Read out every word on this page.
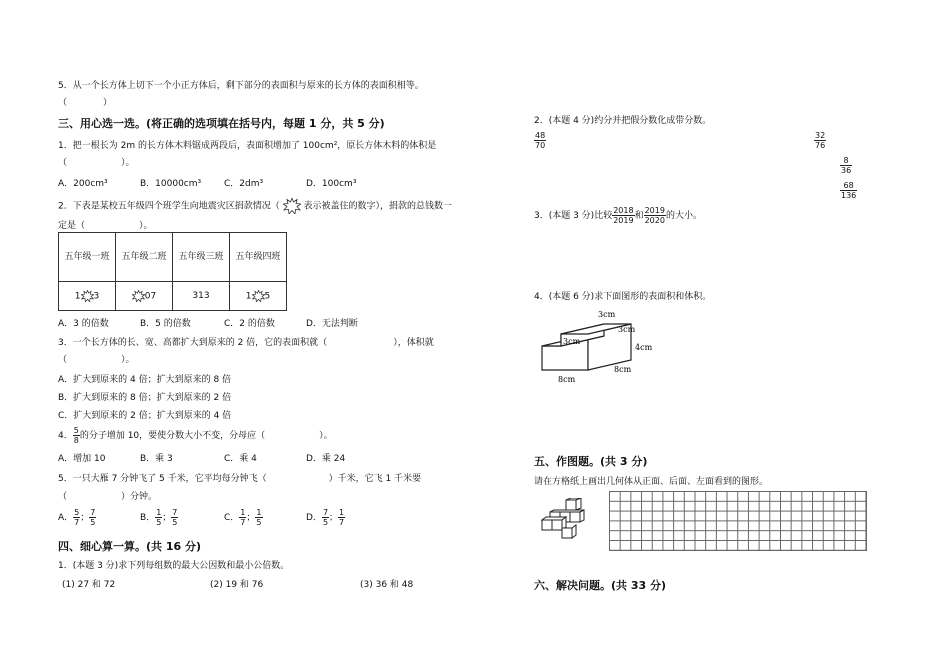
5．从一个长方体上切下一个小正方体后，剩下部分的表面积与原来的长方体的表面积相等。
（　　　　）
三、用心选一选。(将正确的选项填在括号内，每题 1 分，共 5 分)
1．把一根长为 2m 的长方体木料锯成两段后，表面积增加了 100cm²，原长方体木料的体积是
（　　　　　　）。
A．200cm³	B．10000cm³	C．2dm³	D．100cm³
2．下表是某校五年级四个班学生向地震灾区捐款情况（	表示被盖住的数字），捐款的总钱数一
定是（　　　　　　）。
五年级一班	五年级二班	五年级三班	五年级四班
1 3	07	313	1 5
A．3 的倍数	B．5 的倍数	C．2 的倍数	D．无法判断
3．一个长方体的长、宽、高都扩大到原来的 2 倍，它的表面积就（	），体积就
（　　　　　　）。
A．扩大到原来的 4 倍；扩大到原来的 8 倍
B．扩大到原来的 8 倍；扩大到原来的 2 倍
C．扩大到原来的 2 倍；扩大到原来的 4 倍
4． $\frac{5}{8}$ 的分子增加 10，要使分数大小不变，分母应（　　　　　　）。
A．增加 10	B．乘 3	C．乘 4	D．乘 24
5．一只大雁 7 分钟飞了 5 千米，它平均每分钟飞（	）千米，它飞 1 千米要
（　　　　　　）分钟。
A． $\frac{5}{7}$ ； $\frac{7}{5}$	B． $\frac{1}{5}$ ； $\frac{7}{5}$	C． $\frac{1}{7}$ ； $\frac{1}{5}$	D． $\frac{7}{5}$ ； $\frac{1}{7}$
四、细心算一算。(共 16 分)
1．(本题 3 分)求下列每组数的最大公因数和最小公倍数。
(1) 27 和 72	(2) 19 和 76	(3) 36 和 48
2．(本题 4 分)约分并把假分数化成带分数。
$\frac{48}{70}$	$\frac{32}{76}$
$\frac{8}{36}$
$\frac{68}{136}$
3．(本题 3 分)比较 $\frac{2018}{2019}$ 和 $\frac{2019}{2020}$ 的大小。
4．(本题 6 分)求下面图形的表面积和体积。
3cm
3cm
3cm
4cm
8cm
8cm
五、作图题。(共 3 分)
请在方格纸上画出几何体从正面、后面、左面看到的图形。
六、解决问题。(共 33 分)
